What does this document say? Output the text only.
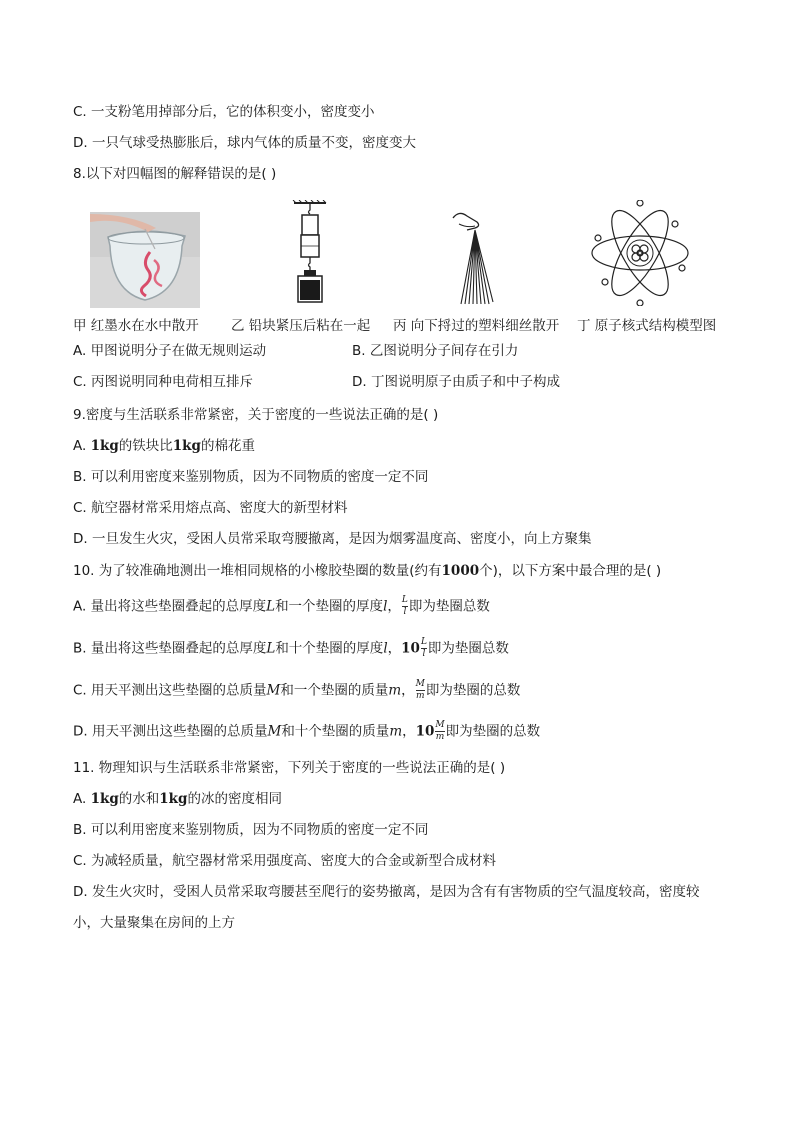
C. 一支粉笔用掉部分后，它的体积变小，密度变小
D. 一只气球受热膨胀后，球内气体的质量不变，密度变大
8.以下对四幅图的解释错误的是( )
甲 红墨水在水中散开 乙 铅块紧压后粘在一起 丙 向下捋过的塑料细丝散开 丁 原子核式结构模型图
A. 甲图说明分子在做无规则运动	B. 乙图说明分子间存在引力
C. 丙图说明同种电荷相互排斥	D. 丁图说明原子由质子和中子构成
9.密度与生活联系非常紧密，关于密度的一些说法正确的是( )
A. 1kg的铁块比1kg的棉花重
B. 可以利用密度来鉴别物质，因为不同物质的密度一定不同
C. 航空器材常采用熔点高、密度大的新型材料
D. 一旦发生火灾，受困人员常采取弯腰撤离，是因为烟雾温度高、密度小，向上方聚集
10. 为了较准确地测出一堆相同规格的小橡胶垫圈的数量(约有1000个)，以下方案中最合理的是( )
A. 量出将这些垫圈叠起的总厚度L和一个垫圈的厚度l， $\frac{L}{l}$ 即为垫圈总数
B. 量出将这些垫圈叠起的总厚度L和十个垫圈的厚度l，$10 \frac{L}{l}$ 即为垫圈总数
C. 用天平测出这些垫圈的总质量M和一个垫圈的质量m， $\frac{M}{m}$ 即为垫圈的总数
D. 用天平测出这些垫圈的总质量M和十个垫圈的质量m，$10 \frac{M}{m}$ 即为垫圈的总数
11. 物理知识与生活联系非常紧密，下列关于密度的一些说法正确的是( )
A. 1kg的水和1kg的冰的密度相同
B. 可以利用密度来鉴别物质，因为不同物质的密度一定不同
C. 为减轻质量，航空器材常采用强度高、密度大的合金或新型合成材料
D. 发生火灾时，受困人员常采取弯腰甚至爬行的姿势撤离，是因为含有有害物质的空气温度较高，密度较
小，大量聚集在房间的上方
